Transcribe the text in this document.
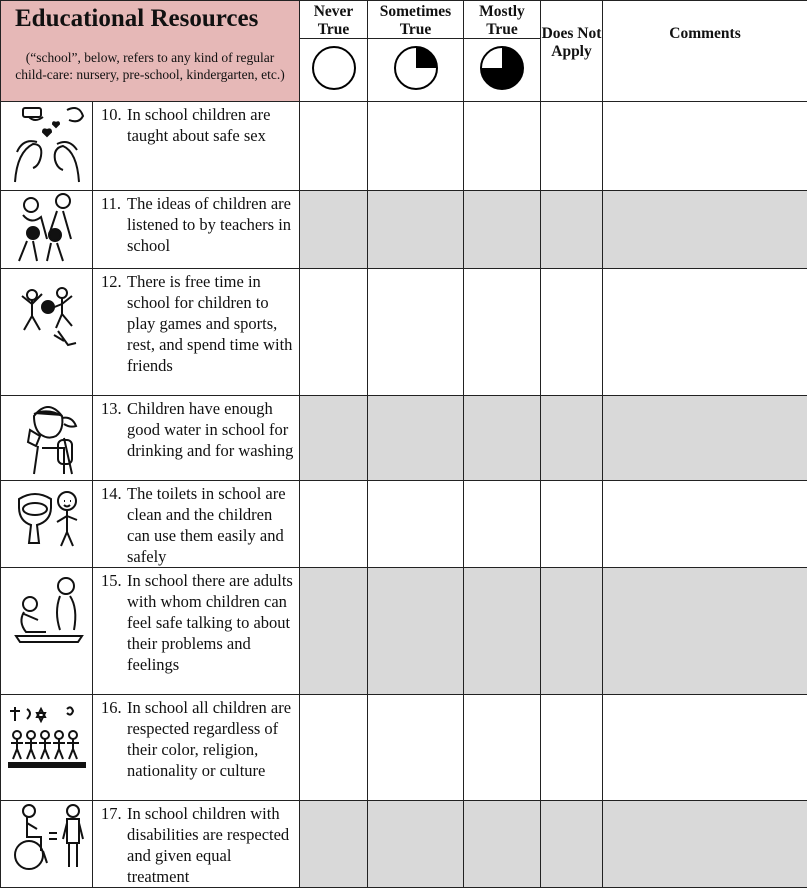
Educational Resources
(“school”, below, refers to any kind of regular child-care: nursery, pre-school, kindergarten, etc.)		Never True	Sometimes True	Mostly True	Does Not Apply	Comments

10. In school children are taught about safe sex					

11. The ideas of children are listened to by teachers in school					

12. There is free time in school for children to play games and sports, rest, and spend time with friends					

13. Children have enough good water in school for drinking and for washing					

14. The toilets in school are clean and the children can use them easily and safely					

15. In school there are adults with whom children can feel safe talking to about their problems and feelings					

16. In school all children are respected regardless of their color, religion, nationality or culture					

17. In school children with disabilities are respected and given equal treatment					
